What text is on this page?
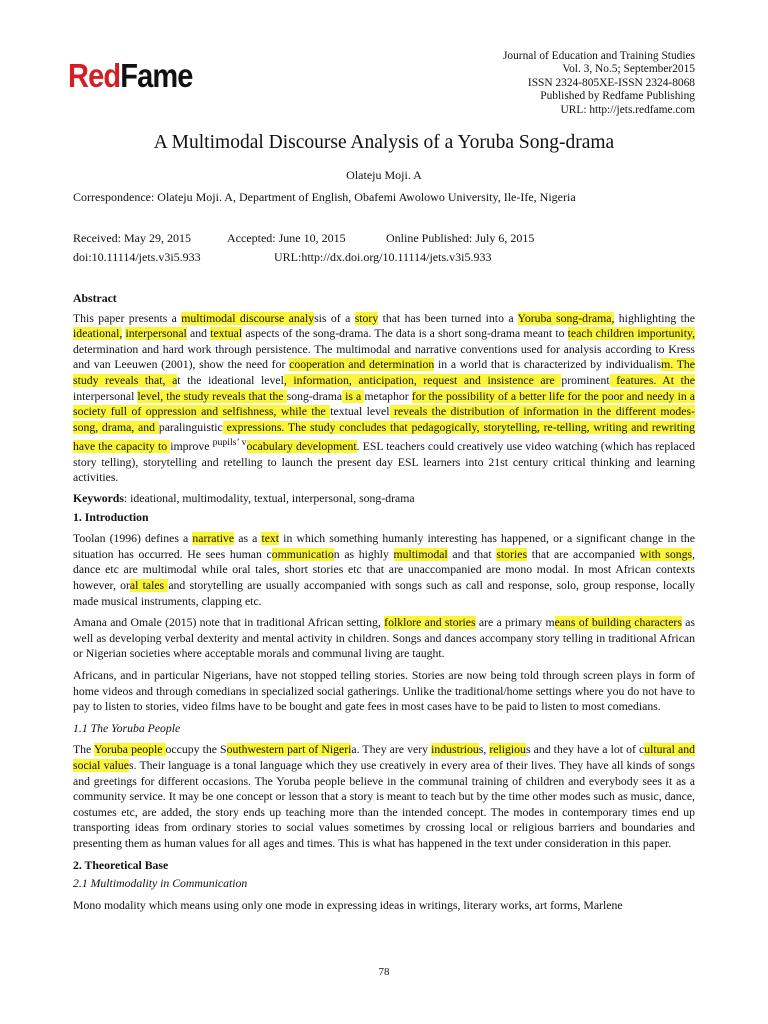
RedFame
Journal of Education and Training Studies
Vol. 3, No.5; September2015
ISSN 2324-805XE-ISSN 2324-8068
Published by Redfame Publishing
URL: http://jets.redfame.com
A Multimodal Discourse Analysis of a Yoruba Song-drama
Olateju Moji. A
Correspondence: Olateju Moji. A, Department of English, Obafemi Awolowo University, Ile-Ife, Nigeria
Received: May 29, 2015	Accepted: June 10, 2015	Online Published: July 6, 2015
doi:10.11114/jets.v3i5.933	URL:http://dx.doi.org/10.11114/jets.v3i5.933

Abstract

This paper presents a multimodal discourse analysis of a story that has been turned into a Yoruba song-drama, highlighting the ideational, interpersonal and textual aspects of the song-drama. The data is a short song-drama meant to teach children importunity, determination and hard work through persistence. The multimodal and narrative conventions used for analysis according to Kress and van Leeuwen (2001), show the need for cooperation and determination in a world that is characterized by individualism. The study reveals that, at the ideational level, information, anticipation, request and insistence are prominent features. At the interpersonal level, the study reveals that the song-drama is a metaphor for the possibility of a better life for the poor and needy in a society full of oppression and selfishness, while the textual level reveals the distribution of information in the different modes- song, drama, and paralinguistic expressions. The study concludes that pedagogically, storytelling, re-telling, writing and rewriting have the capacity to improve $^{pupils’ v}$ocabulary development. ESL teachers could creatively use video watching (which has replaced story telling), storytelling and retelling to launch the present day ESL learners into 21st century critical thinking and learning activities.

Keywords: ideational, multimodality, textual, interpersonal, song-drama

1. Introduction

Toolan (1996) defines a narrative as a text in which something humanly interesting has happened, or a significant change in the situation has occurred. He sees human communication as highly multimodal and that stories that are accompanied with songs, dance etc are multimodal while oral tales, short stories etc that are unaccompanied are mono modal. In most African contexts however, oral tales and storytelling are usually accompanied with songs such as call and response, solo, group response, locally made musical instruments, clapping etc.

Amana and Omale (2015) note that in traditional African setting, folklore and stories are a primary means of building characters as well as developing verbal dexterity and mental activity in children. Songs and dances accompany story telling in traditional African or Nigerian societies where acceptable morals and communal living are taught.

Africans, and in particular Nigerians, have not stopped telling stories. Stories are now being told through screen plays in form of home videos and through comedians in specialized social gatherings. Unlike the traditional/home settings where you do not have to pay to listen to stories, video films have to be bought and gate fees in most cases have to be paid to listen to most comedians.

1.1 The Yoruba People

The Yoruba people occupy the Southwestern part of Nigeria. They are very industrious, religious and they have a lot of cultural and social values. Their language is a tonal language which they use creatively in every area of their lives. They have all kinds of songs and greetings for different occasions. The Yoruba people believe in the communal training of children and everybody sees it as a community service. It may be one concept or lesson that a story is meant to teach but by the time other modes such as music, dance, costumes etc, are added, the story ends up teaching more than the intended concept. The modes in contemporary times end up transporting ideas from ordinary stories to social values sometimes by crossing local or religious barriers and boundaries and presenting them as human values for all ages and times. This is what has happened in the text under consideration in this paper.

2. Theoretical Base

2.1 Multimodality in Communication

Mono modality which means using only one mode in expressing ideas in writings, literary works, art forms, Marlene

78
